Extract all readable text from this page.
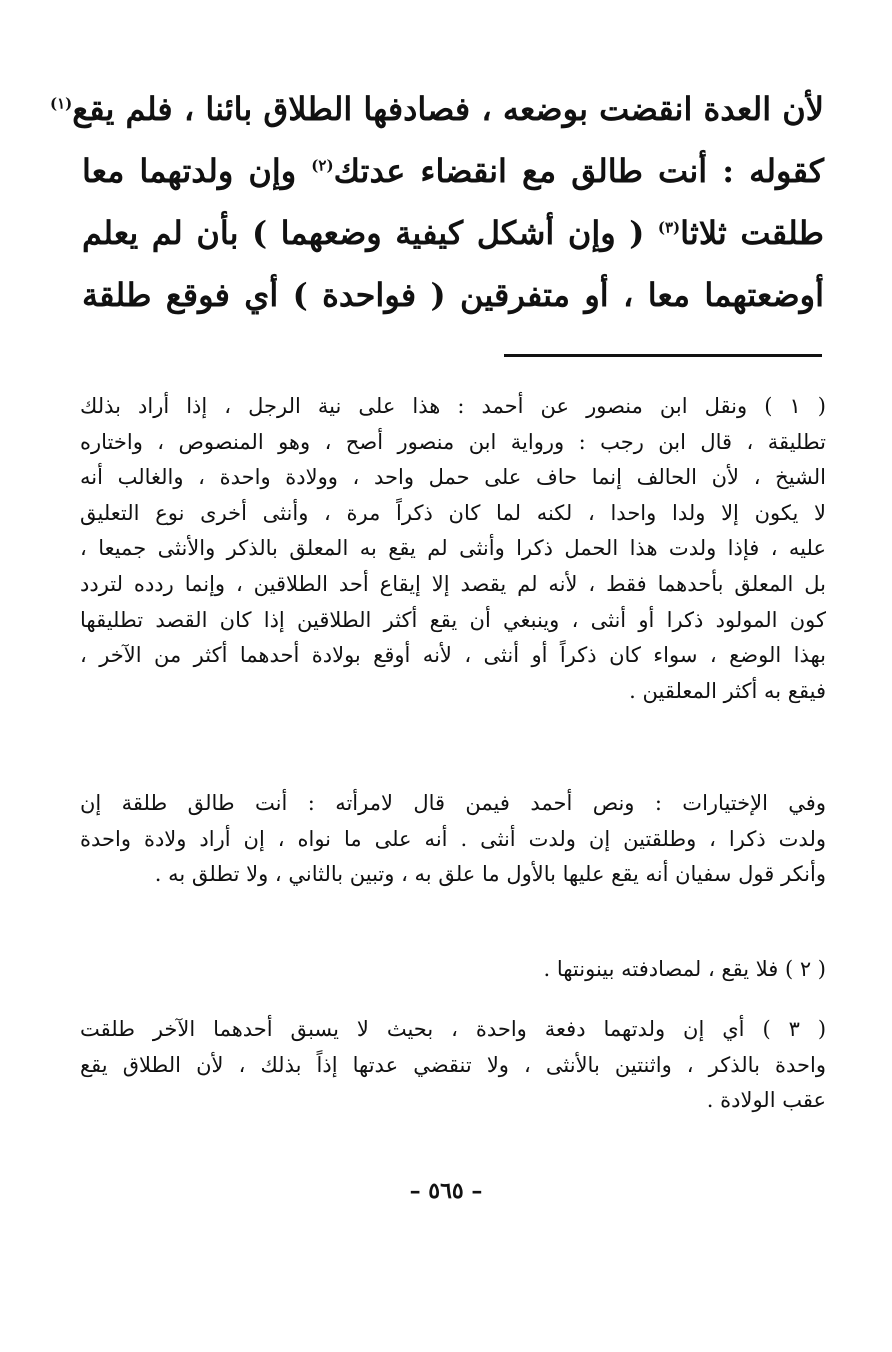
لأن العدة انقضت بوضعه ، فصادفها الطلاق بائنا ، فلم يقع$^{(١)}$
كقوله : أنت طالق مع انقضاء عدتك$^{(٢)}$ وإن ولدتهما معا
طلقت ثلاثا$^{(٣)}$ ( وإن أشكل كيفية وضعهما ) بأن لم يعلم
أوضعتهما معا ، أو متفرقين ( فواحدة ) أي فوقع طلقة
( ١ ) ونقل ابن منصور عن أحمد : هذا على نية الرجل ، إذا أراد بذلك
تطليقة ، قال ابن رجب : ورواية ابن منصور أصح ، وهو المنصوص ، واختاره
الشيخ ، لأن الحالف إنما حاف على حمل واحد ، وولادة واحدة ، والغالب أنه
لا يكون إلا ولدا واحدا ، لكنه لما كان ذكراً مرة ، وأنثى أخرى نوع التعليق
عليه ، فإذا ولدت هذا الحمل ذكرا وأنثى لم يقع به المعلق بالذكر والأنثى جميعا ،
بل المعلق بأحدهما فقط ، لأنه لم يقصد إلا إيقاع أحد الطلاقين ، وإنما ردده لتردد
كون المولود ذكرا أو أنثى ، وينبغي أن يقع أكثر الطلاقين إذا كان القصد تطليقها
بهذا الوضع ، سواء كان ذكراً أو أنثى ، لأنه أوقع بولادة أحدهما أكثر من الآخر ،
فيقع به أكثر المعلقين .
وفي الإختيارات : ونص أحمد فيمن قال لامرأته : أنت طالق طلقة إن
ولدت ذكرا ، وطلقتين إن ولدت أنثى . أنه على ما نواه ، إن أراد ولادة واحدة
وأنكر قول سفيان أنه يقع عليها بالأول ما علق به ، وتبين بالثاني ، ولا تطلق به .
( ٢ ) فلا يقع ، لمصادفته بينونتها .
( ٣ ) أي إن ولدتهما دفعة واحدة ، بحيث لا يسبق أحدهما الآخر طلقت
واحدة بالذكر ، واثنتين بالأنثى ، ولا تنقضي عدتها إذاً بذلك ، لأن الطلاق يقع
عقب الولادة .
– ٥٦٥ –
